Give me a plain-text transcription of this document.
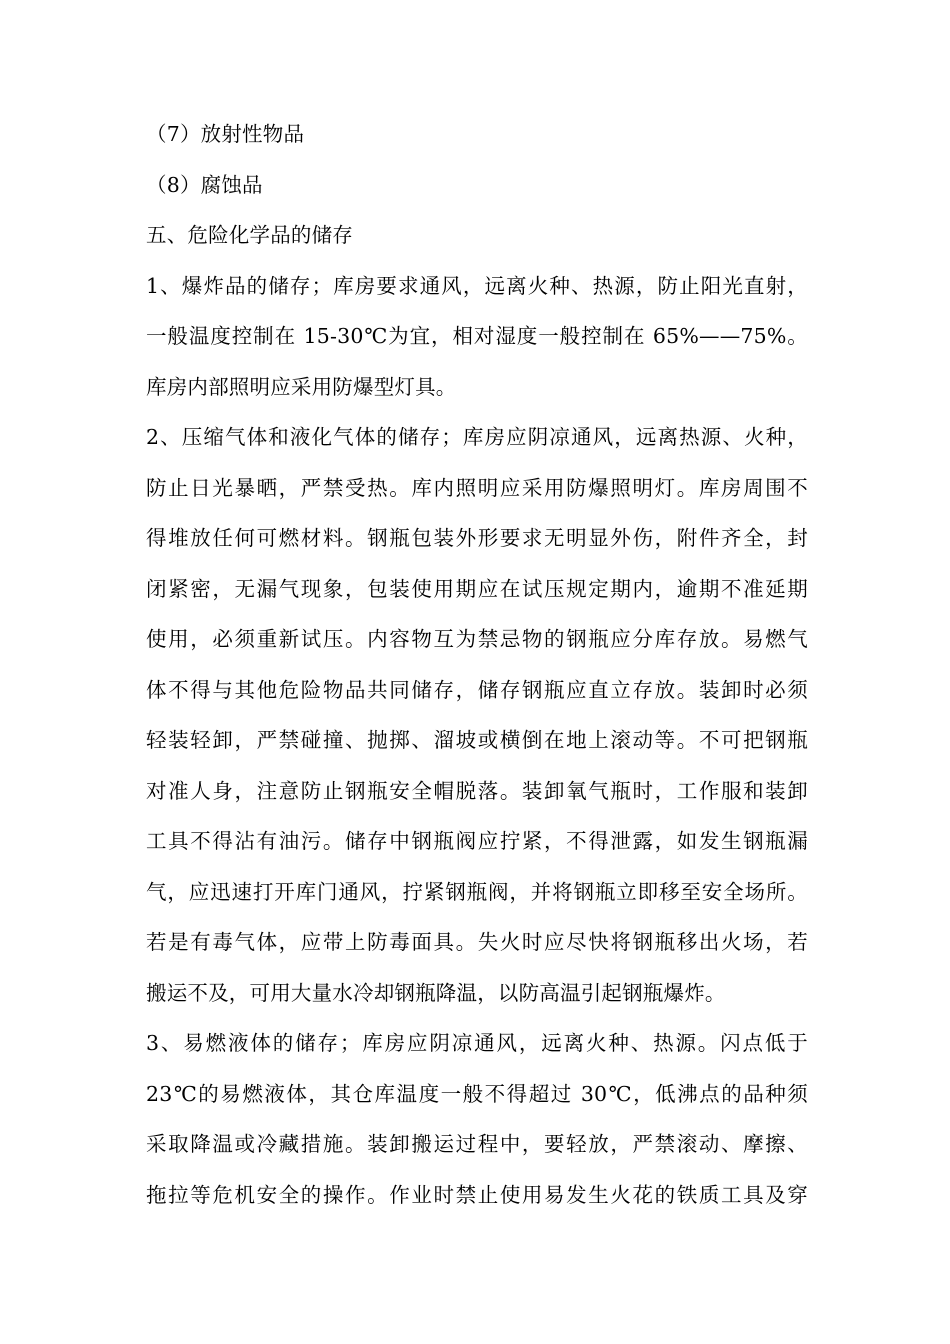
（7）放射性物品
（8）腐蚀品
五、危险化学品的储存
1、爆炸品的储存；库房要求通风，远离火种、热源，防止阳光直射，
一般温度控制在 15-30℃为宜，相对湿度一般控制在 65%——75%。
库房内部照明应采用防爆型灯具。
2、压缩气体和液化气体的储存；库房应阴凉通风，远离热源、火种，
防止日光暴晒，严禁受热。库内照明应采用防爆照明灯。库房周围不
得堆放任何可燃材料。钢瓶包装外形要求无明显外伤，附件齐全，封
闭紧密，无漏气现象，包装使用期应在试压规定期内，逾期不准延期
使用，必须重新试压。内容物互为禁忌物的钢瓶应分库存放。易燃气
体不得与其他危险物品共同储存，储存钢瓶应直立存放。装卸时必须
轻装轻卸，严禁碰撞、抛掷、溜坡或横倒在地上滚动等。不可把钢瓶
对准人身，注意防止钢瓶安全帽脱落。装卸氧气瓶时，工作服和装卸
工具不得沾有油污。储存中钢瓶阀应拧紧，不得泄露，如发生钢瓶漏
气，应迅速打开库门通风，拧紧钢瓶阀，并将钢瓶立即移至安全场所。
若是有毒气体，应带上防毒面具。失火时应尽快将钢瓶移出火场，若
搬运不及，可用大量水冷却钢瓶降温，以防高温引起钢瓶爆炸。
3、易燃液体的储存；库房应阴凉通风，远离火种、热源。闪点低于
23℃的易燃液体，其仓库温度一般不得超过 30℃，低沸点的品种须
采取降温或冷藏措施。装卸搬运过程中，要轻放，严禁滚动、摩擦、
拖拉等危机安全的操作。作业时禁止使用易发生火花的铁质工具及穿
